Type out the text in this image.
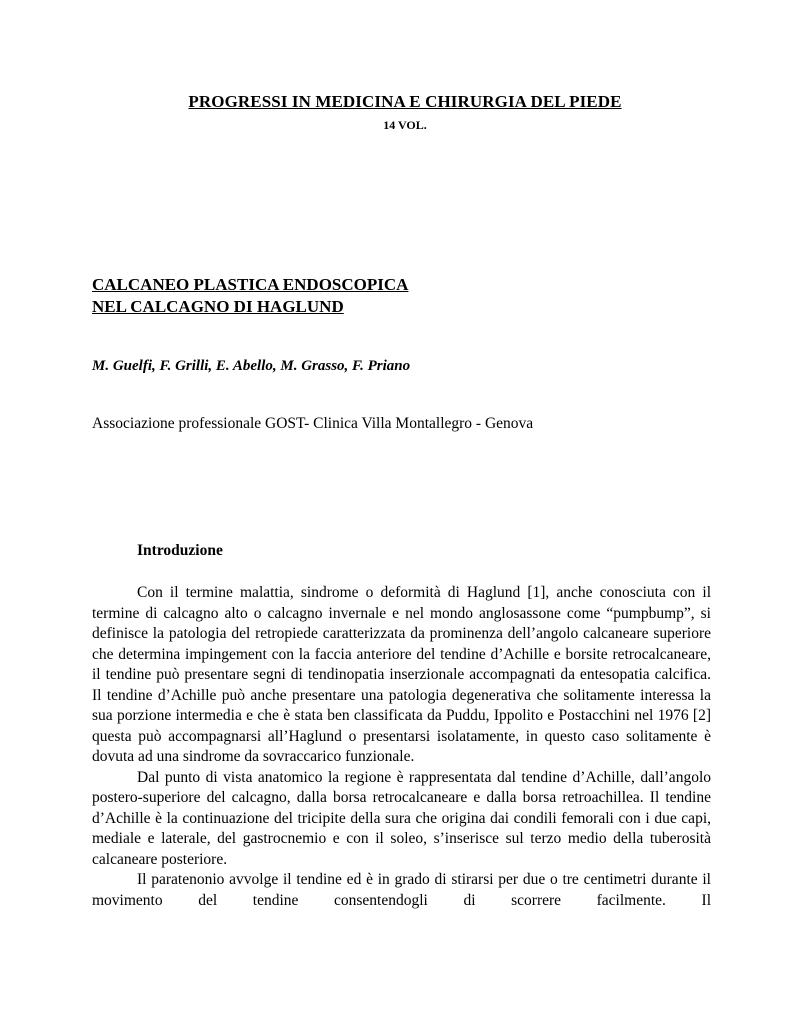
PROGRESSI IN MEDICINA E CHIRURGIA DEL PIEDE
14 VOL.
CALCANEO PLASTICA ENDOSCOPICA
NEL CALCAGNO DI HAGLUND
M. Guelfi, F. Grilli, E. Abello, M. Grasso, F. Priano
Associazione professionale GOST- Clinica Villa Montallegro - Genova
Introduzione

Con il termine malattia, sindrome o deformità di Haglund [1], anche conosciuta con il termine di calcagno alto o calcagno invernale e nel mondo anglosassone come “pumpbump”, si definisce la patologia del retropiede caratterizzata da prominenza dell’angolo calcaneare superiore che determina impingement con la faccia anteriore del tendine d’Achille e borsite retrocalcaneare, il tendine può presentare segni di tendinopatia inserzionale accompagnati da entesopatia calcifica. Il tendine d’Achille può anche presentare una patologia degenerativa che solitamente interessa la sua porzione intermedia e che è stata ben classificata da Puddu, Ippolito e Postacchini nel 1976 [2] questa può accompagnarsi all’Haglund o presentarsi isolatamente, in questo caso solitamente è dovuta ad una sindrome da sovraccarico funzionale.

Dal punto di vista anatomico la regione è rappresentata dal tendine d’Achille, dall’angolo postero-superiore del calcagno, dalla borsa retrocalcaneare e dalla borsa retroachillea. Il tendine d’Achille è la continuazione del tricipite della sura che origina dai condili femorali con i due capi, mediale e laterale, del gastrocnemio e con il soleo, s’inserisce sul terzo medio della tuberosità calcaneare posteriore.

Il paratenonio avvolge il tendine ed è in grado di stirarsi per due o tre centimetri durante il movimento del tendine consentendogli di scorrere facilmente. Il
